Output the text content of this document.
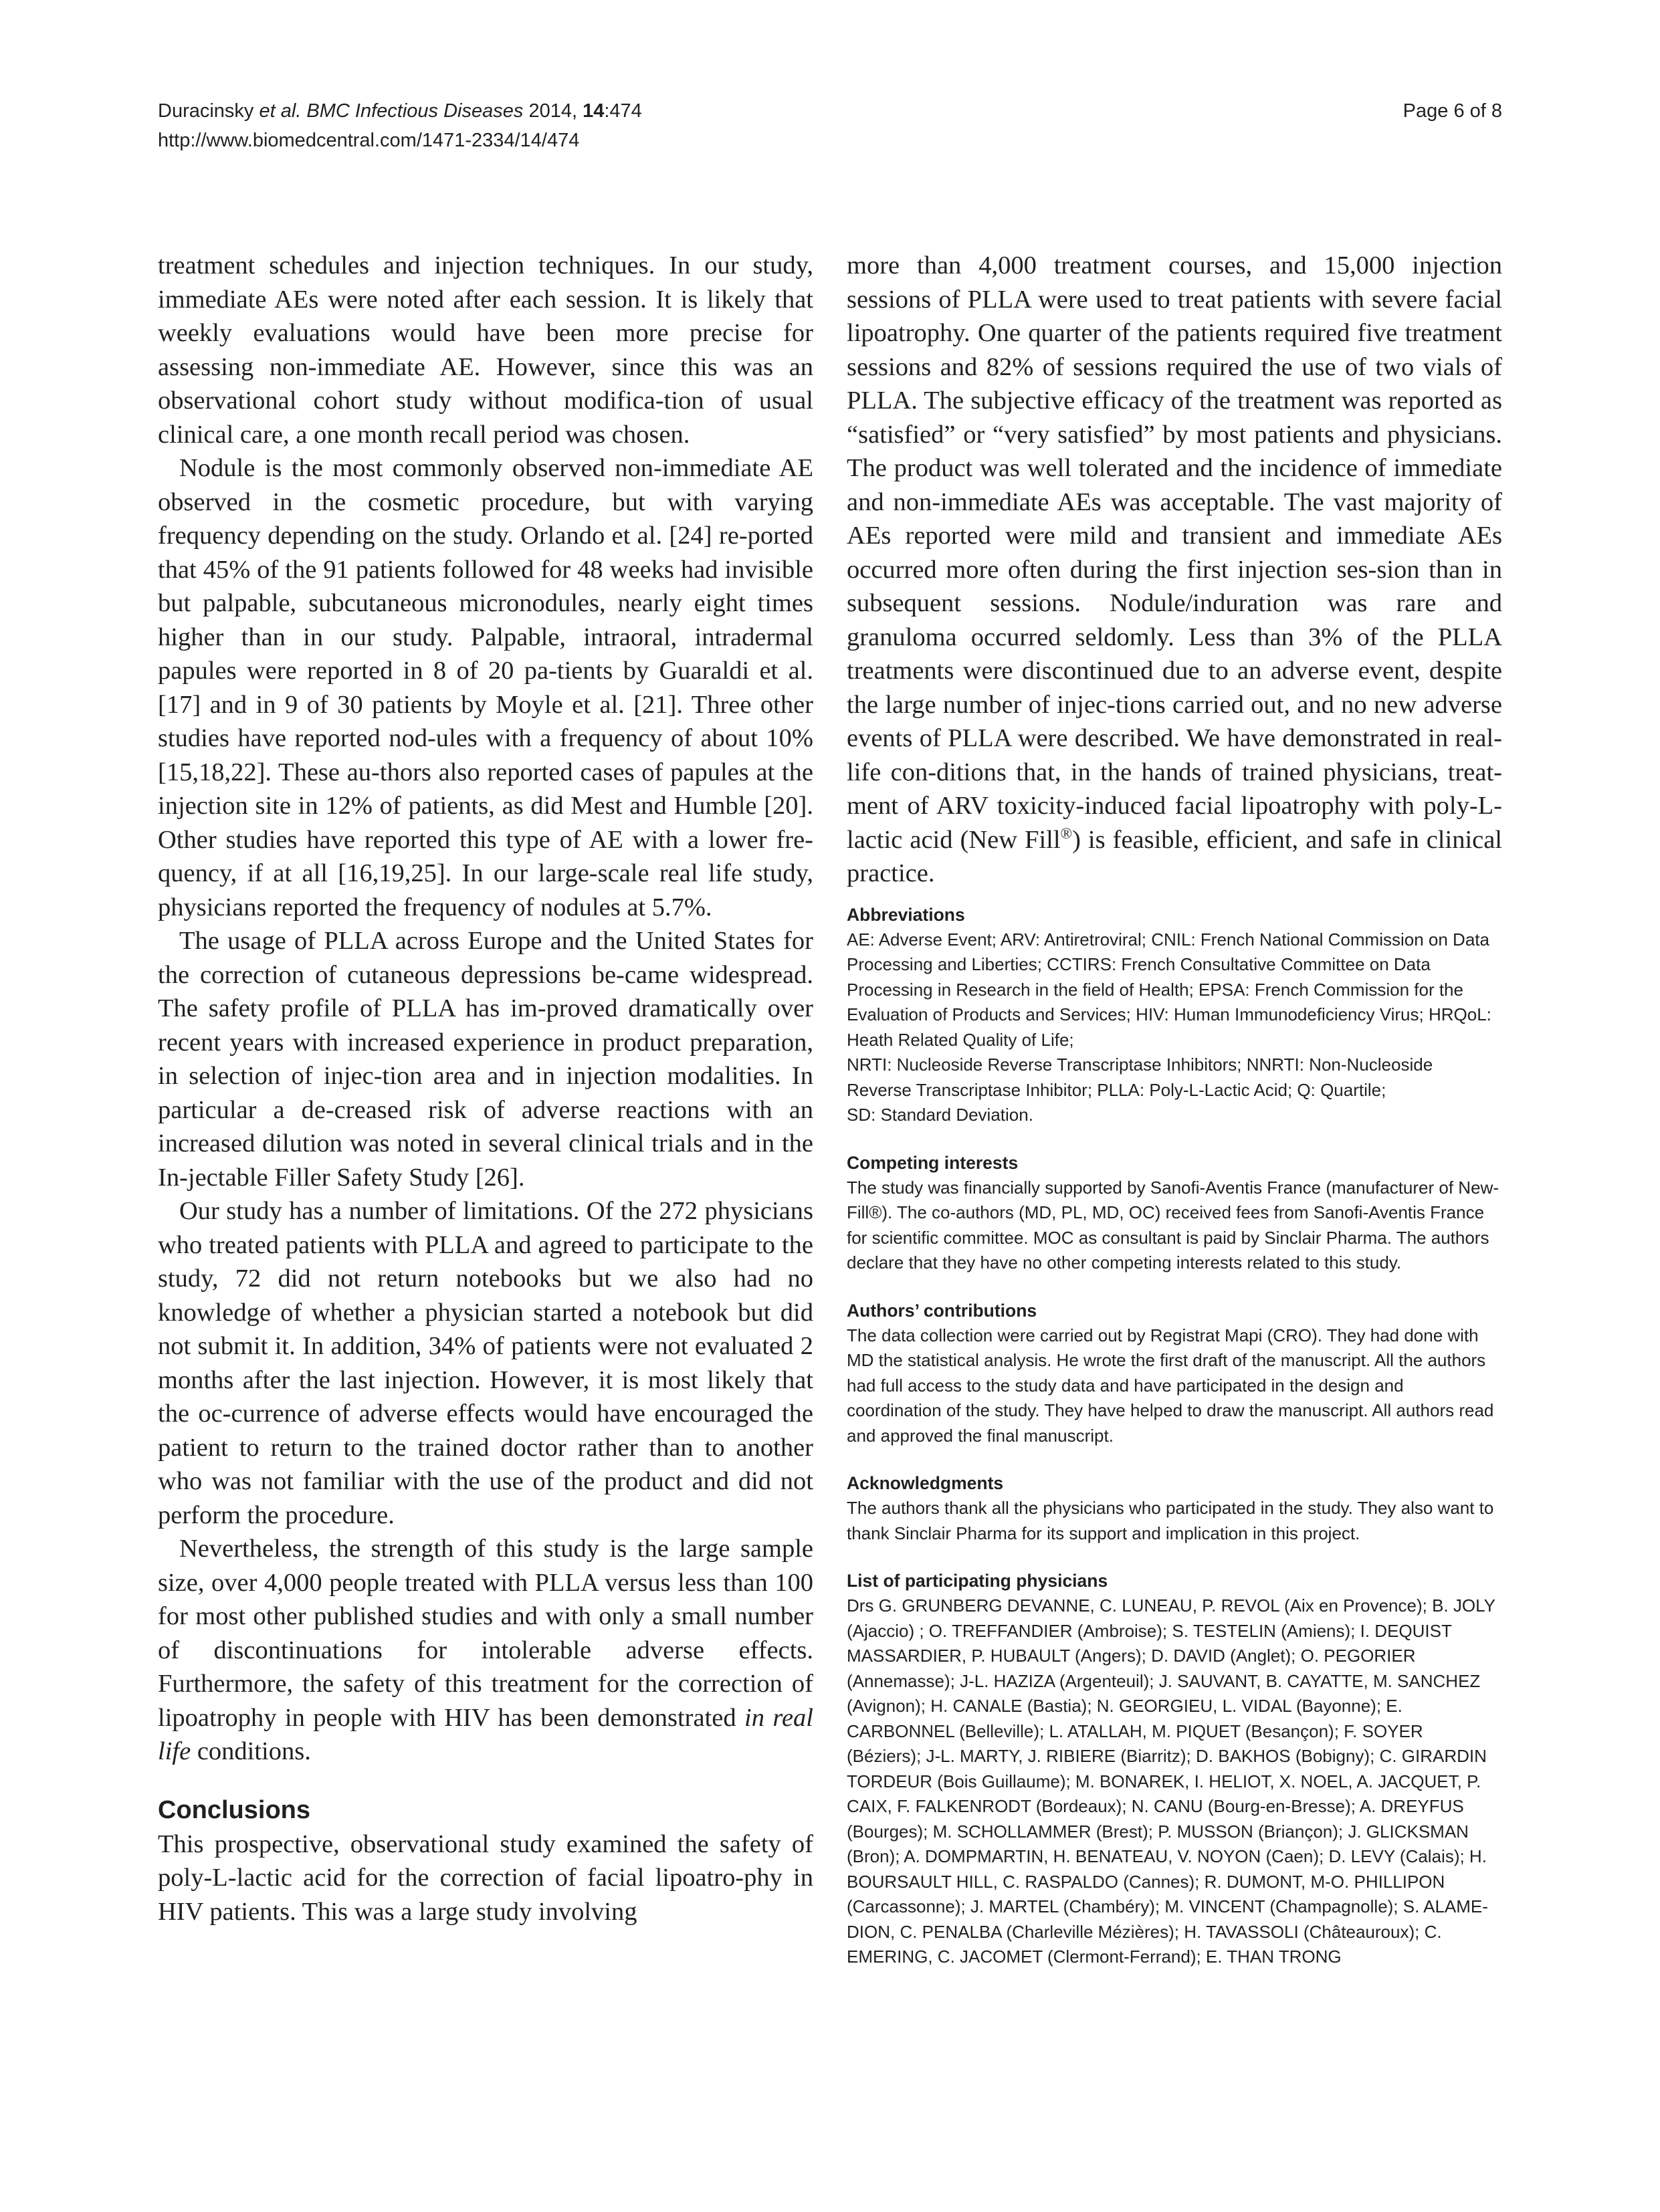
Duracinsky et al. BMC Infectious Diseases 2014, 14:474
http://www.biomedcentral.com/1471-2334/14/474
Page 6 of 8

treatment schedules and injection techniques. In our study, immediate AEs were noted after each session. It is likely that weekly evaluations would have been more precise for assessing non-immediate AE. However, since this was an observational cohort study without modifica-tion of usual clinical care, a one month recall period was chosen.

Nodule is the most commonly observed non-immediate AE observed in the cosmetic procedure, but with varying frequency depending on the study. Orlando et al. [24] re-ported that 45% of the 91 patients followed for 48 weeks had invisible but palpable, subcutaneous micronodules, nearly eight times higher than in our study. Palpable, intraoral, intradermal papules were reported in 8 of 20 pa-tients by Guaraldi et al. [17] and in 9 of 30 patients by Moyle et al. [21]. Three other studies have reported nod-ules with a frequency of about 10% [15,18,22]. These au-thors also reported cases of papules at the injection site in 12% of patients, as did Mest and Humble [20]. Other studies have reported this type of AE with a lower fre-quency, if at all [16,19,25]. In our large-scale real life study, physicians reported the frequency of nodules at 5.7%.

The usage of PLLA across Europe and the United States for the correction of cutaneous depressions be-came widespread. The safety profile of PLLA has im-proved dramatically over recent years with increased experience in product preparation, in selection of injec-tion area and in injection modalities. In particular a de-creased risk of adverse reactions with an increased dilution was noted in several clinical trials and in the In-jectable Filler Safety Study [26].

Our study has a number of limitations. Of the 272 physicians who treated patients with PLLA and agreed to participate to the study, 72 did not return notebooks but we also had no knowledge of whether a physician started a notebook but did not submit it. In addition, 34% of patients were not evaluated 2 months after the last injection. However, it is most likely that the oc-currence of adverse effects would have encouraged the patient to return to the trained doctor rather than to another who was not familiar with the use of the product and did not perform the procedure.

Nevertheless, the strength of this study is the large sample size, over 4,000 people treated with PLLA versus less than 100 for most other published studies and with only a small number of discontinuations for intolerable adverse effects. Furthermore, the safety of this treatment for the correction of lipoatrophy in people with HIV has been demonstrated in real life conditions.

Conclusions

This prospective, observational study examined the safety of poly-L-lactic acid for the correction of facial lipoatro-phy in HIV patients. This was a large study involving

more than 4,000 treatment courses, and 15,000 injection sessions of PLLA were used to treat patients with severe facial lipoatrophy. One quarter of the patients required five treatment sessions and 82% of sessions required the use of two vials of PLLA. The subjective efficacy of the treatment was reported as “satisfied” or “very satisfied” by most patients and physicians. The product was well tolerated and the incidence of immediate and non-immediate AEs was acceptable. The vast majority of AEs reported were mild and transient and immediate AEs occurred more often during the first injection ses-sion than in subsequent sessions. Nodule/induration was rare and granuloma occurred seldomly. Less than 3% of the PLLA treatments were discontinued due to an adverse event, despite the large number of injec-tions carried out, and no new adverse events of PLLA were described. We have demonstrated in real-life con-ditions that, in the hands of trained physicians, treat-ment of ARV toxicity-induced facial lipoatrophy with poly-L-lactic acid (New Fill®) is feasible, efficient, and safe in clinical practice.

Abbreviations

AE: Adverse Event; ARV: Antiretroviral; CNIL: French National Commission on Data Processing and Liberties; CCTIRS: French Consultative Committee on Data Processing in Research in the field of Health; EPSA: French Commission for the Evaluation of Products and Services; HIV: Human Immunodeficiency Virus; HRQoL: Heath Related Quality of Life;

NRTI: Nucleoside Reverse Transcriptase Inhibitors; NNRTI: Non-Nucleoside Reverse Transcriptase Inhibitor; PLLA: Poly-L-Lactic Acid; Q: Quartile;

SD: Standard Deviation.

Competing interests

The study was financially supported by Sanofi-Aventis France (manufacturer of New-Fill®). The co-authors (MD, PL, MD, OC) received fees from Sanofi-Aventis France for scientific committee. MOC as consultant is paid by Sinclair Pharma. The authors declare that they have no other competing interests related to this study.

Authors’ contributions

The data collection were carried out by Registrat Mapi (CRO). They had done with MD the statistical analysis. He wrote the first draft of the manuscript. All the authors had full access to the study data and have participated in the design and coordination of the study. They have helped to draw the manuscript. All authors read and approved the final manuscript.

Acknowledgments

The authors thank all the physicians who participated in the study. They also want to thank Sinclair Pharma for its support and implication in this project.

List of participating physicians

Drs G. GRUNBERG DEVANNE, C. LUNEAU, P. REVOL (Aix en Provence); B. JOLY (Ajaccio) ; O. TREFFANDIER (Ambroise); S. TESTELIN (Amiens); I. DEQUIST MASSARDIER, P. HUBAULT (Angers); D. DAVID (Anglet); O. PEGORIER (Annemasse); J-L. HAZIZA (Argenteuil); J. SAUVANT, B. CAYATTE, M. SANCHEZ (Avignon); H. CANALE (Bastia); N. GEORGIEU, L. VIDAL (Bayonne); E. CARBONNEL (Belleville); L. ATALLAH, M. PIQUET (Besançon); F. SOYER (Béziers); J-L. MARTY, J. RIBIERE (Biarritz); D. BAKHOS (Bobigny); C. GIRARDIN TORDEUR (Bois Guillaume); M. BONAREK, I. HELIOT, X. NOEL, A. JACQUET, P. CAIX, F. FALKENRODT (Bordeaux); N. CANU (Bourg-en-Bresse); A. DREYFUS (Bourges); M. SCHOLLAMMER (Brest); P. MUSSON (Briançon); J. GLICKSMAN (Bron); A. DOMPMARTIN, H. BENATEAU, V. NOYON (Caen); D. LEVY (Calais); H. BOURSAULT HILL, C. RASPALDO (Cannes); R. DUMONT, M-O. PHILLIPON (Carcassonne); J. MARTEL (Chambéry); M. VINCENT (Champagnolle); S. ALAME-DION, C. PENALBA (Charleville Mézières); H. TAVASSOLI (Châteauroux); C. EMERING, C. JACOMET (Clermont-Ferrand); E. THAN TRONG
